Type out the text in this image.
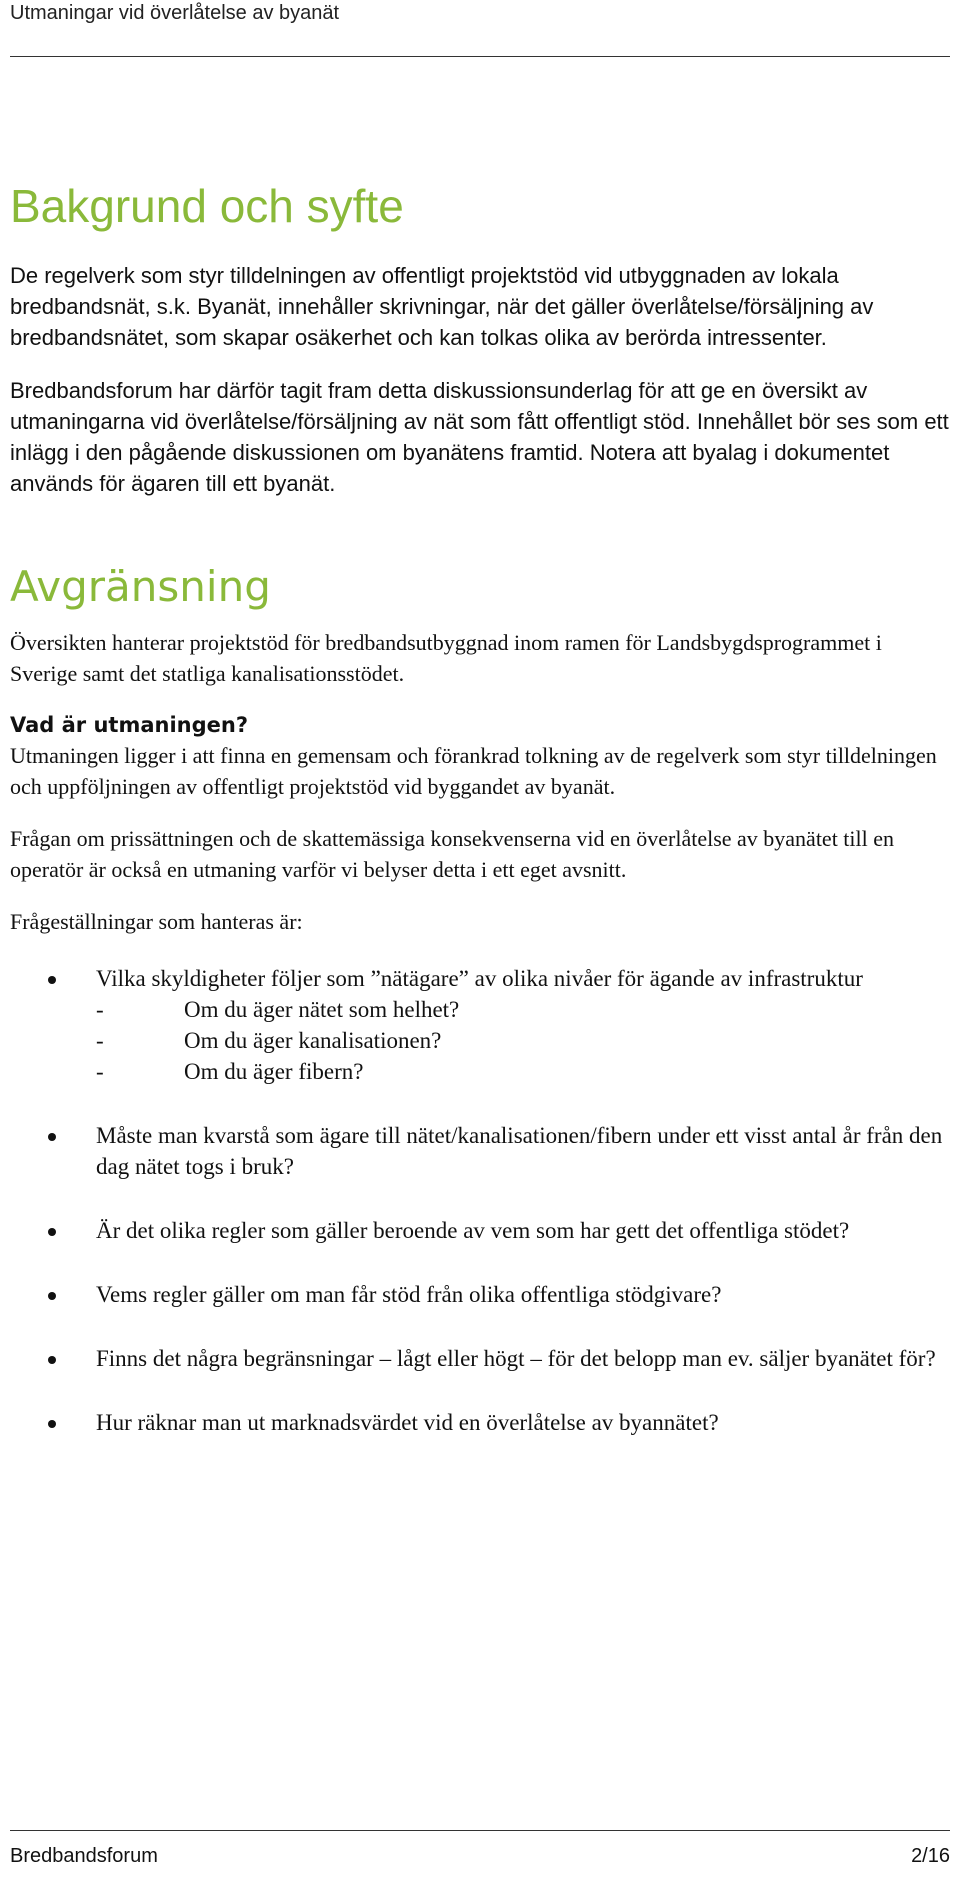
Utmaningar vid överlåtelse av byanät
Bakgrund och syfte

De regelverk som styr tilldelningen av offentligt projektstöd vid utbyggnaden av lokala bredbandsnät, s.k. Byanät, innehåller skrivningar, när det gäller överlåtelse/försäljning av bredbandsnätet, som skapar osäkerhet och kan tolkas olika av berörda intressenter.

Bredbandsforum har därför tagit fram detta diskussionsunderlag för att ge en översikt av utmaningarna vid överlåtelse/försäljning av nät som fått offentligt stöd. Innehållet bör ses som ett inlägg i den pågående diskussionen om byanätens framtid. Notera att byalag i dokumentet används för ägaren till ett byanät.

Avgränsning

Översikten hanterar projektstöd för bredbandsutbyggnad inom ramen för Landsbygdsprogrammet i Sverige samt det statliga kanalisationsstödet.

Vad är utmaningen?

Utmaningen ligger i att finna en gemensam och förankrad tolkning av de regelverk som styr tilldelningen och uppföljningen av offentligt projektstöd vid byggandet av byanät.

Frågan om prissättningen och de skattemässiga konsekvenserna vid en överlåtelse av byanätet till en operatör är också en utmaning varför vi belyser detta i ett eget avsnitt.

Frågeställningar som hanteras är:

Vilka skyldigheter följer som ”nätägare” av olika nivåer för ägande av infrastruktur
-	Om du äger nätet som helhet?
-	Om du äger kanalisationen?
-	Om du äger fibern?
Måste man kvarstå som ägare till nätet/kanalisationen/fibern under ett visst antal år från den dag nätet togs i bruk?
Är det olika regler som gäller beroende av vem som har gett det offentliga stödet?
Vems regler gäller om man får stöd från olika offentliga stödgivare?
Finns det några begränsningar – lågt eller högt – för det belopp man ev. säljer byanätet för?
Hur räknar man ut marknadsvärdet vid en överlåtelse av byannätet?
Bredbandsforum	2/16
